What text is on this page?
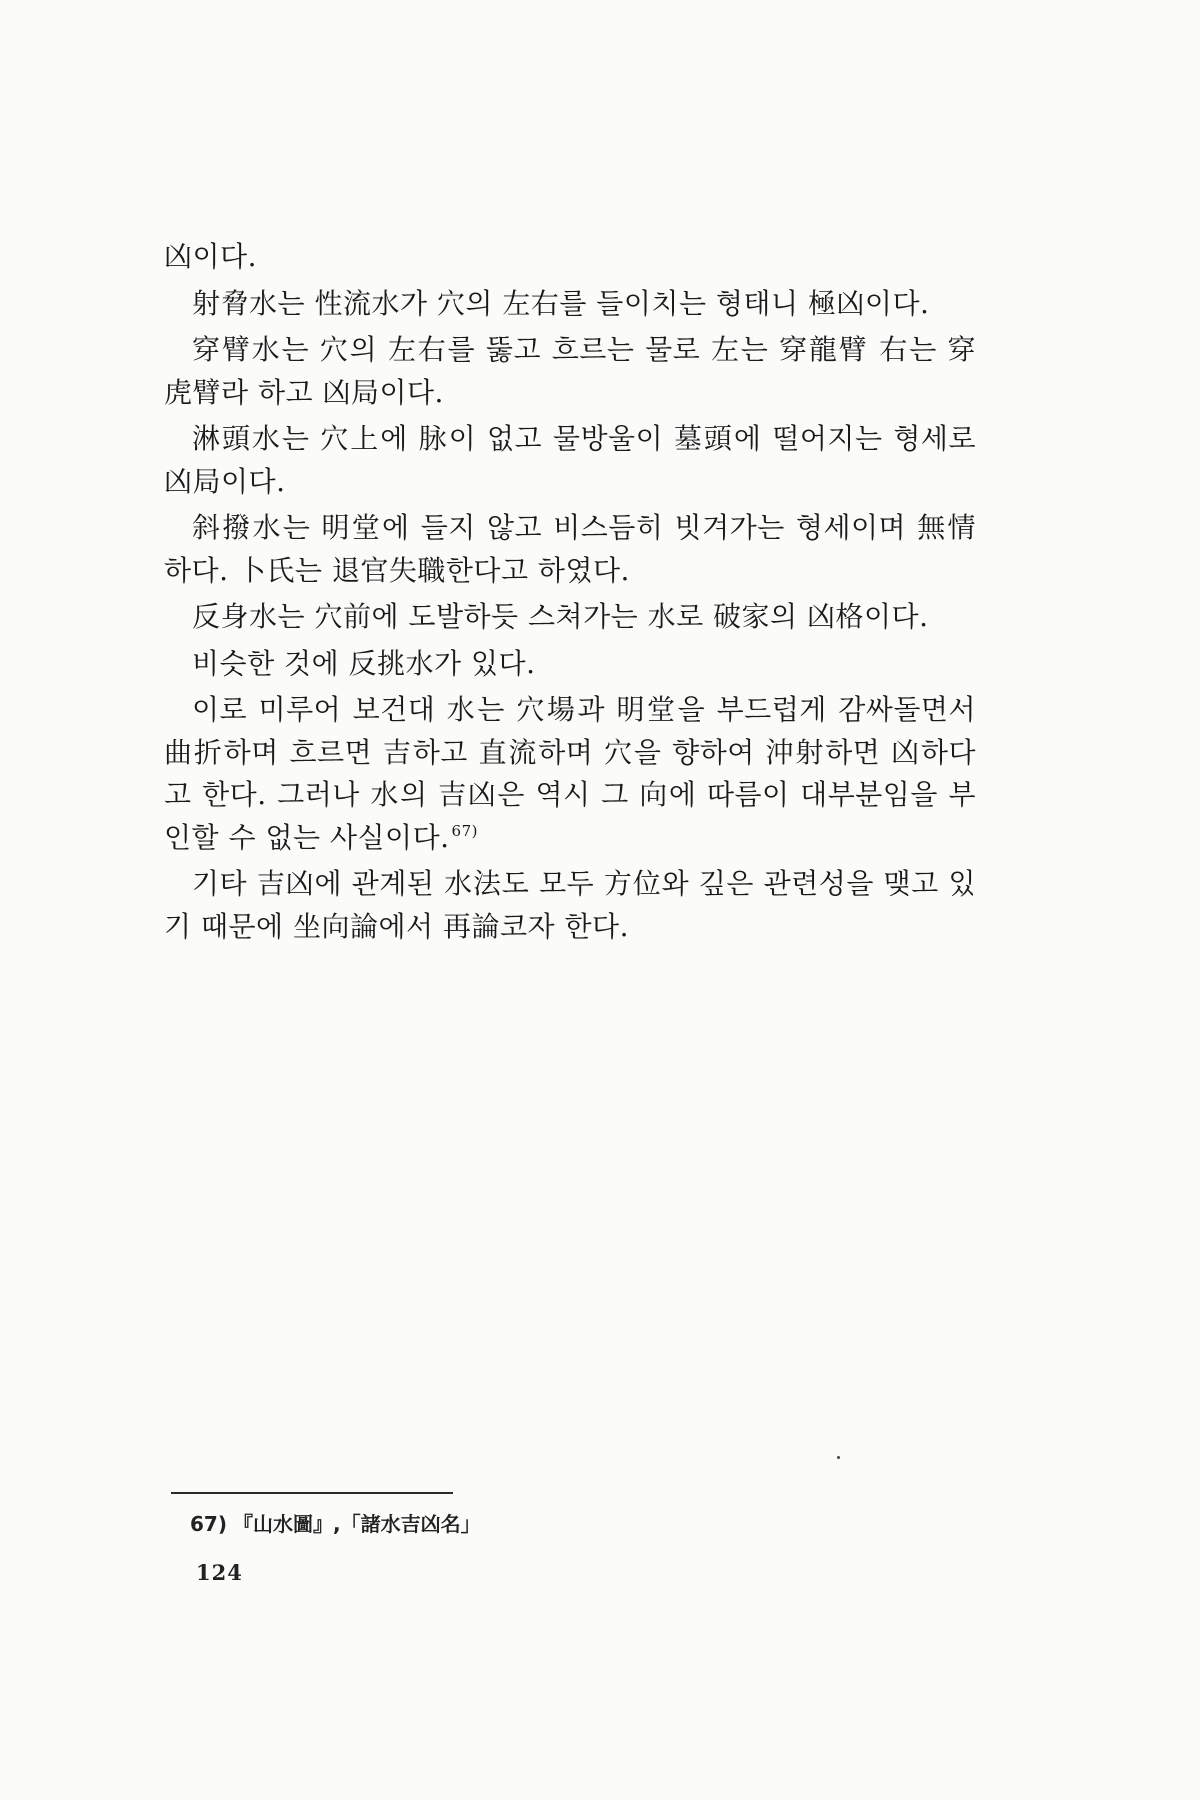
凶이다.

射脅水는 性流水가 穴의 左右를 들이치는 형태니 極凶이다.

穿臂水는 穴의 左右를 뚫고 흐르는 물로 左는 穿龍臂 右는 穿虎臂라 하고 凶局이다.

淋頭水는 穴上에 脉이 없고 물방울이 墓頭에 떨어지는 형세로 凶局이다.

斜撥水는 明堂에 들지 않고 비스듬히 빗겨가는 형세이며 無情하다. 卜氏는 退官失職한다고 하였다.

反身水는 穴前에 도발하듯 스쳐가는 水로 破家의 凶格이다.

비슷한 것에 反挑水가 있다.

이로 미루어 보건대 水는 穴場과 明堂을 부드럽게 감싸돌면서 曲折하며 흐르면 吉하고 直流하며 穴을 향하여 沖射하면 凶하다고 한다. 그러나 水의 吉凶은 역시 그 向에 따름이 대부분임을 부인할 수 없는 사실이다. $^{67)}$

기타 吉凶에 관계된 水法도 모두 方位와 깊은 관련성을 맺고 있기 때문에 坐向論에서 再論코자 한다.

67) 『山水圖』,「諸水吉凶名」
124
